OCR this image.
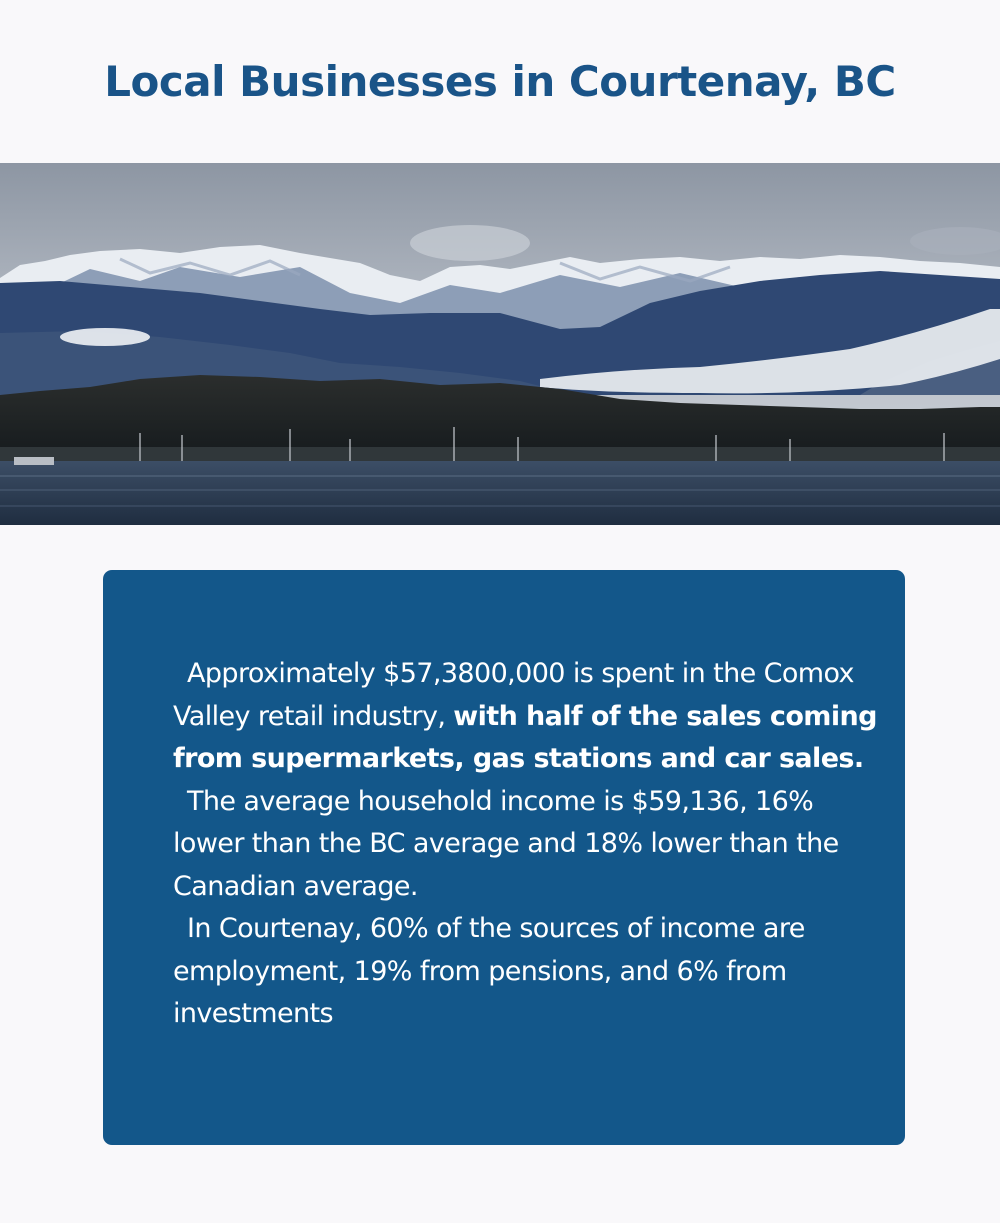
Local Businesses in Courtenay, BC

Approximately $57,3800,000 is spent in the Comox Valley retail industry, with half of the sales coming from supermarkets, gas stations and car sales.

The average household income is $59,136, 16% lower than the BC average and 18% lower than the Canadian average.

In Courtenay, 60% of the sources of income are employment, 19% from pensions, and 6% from investments
